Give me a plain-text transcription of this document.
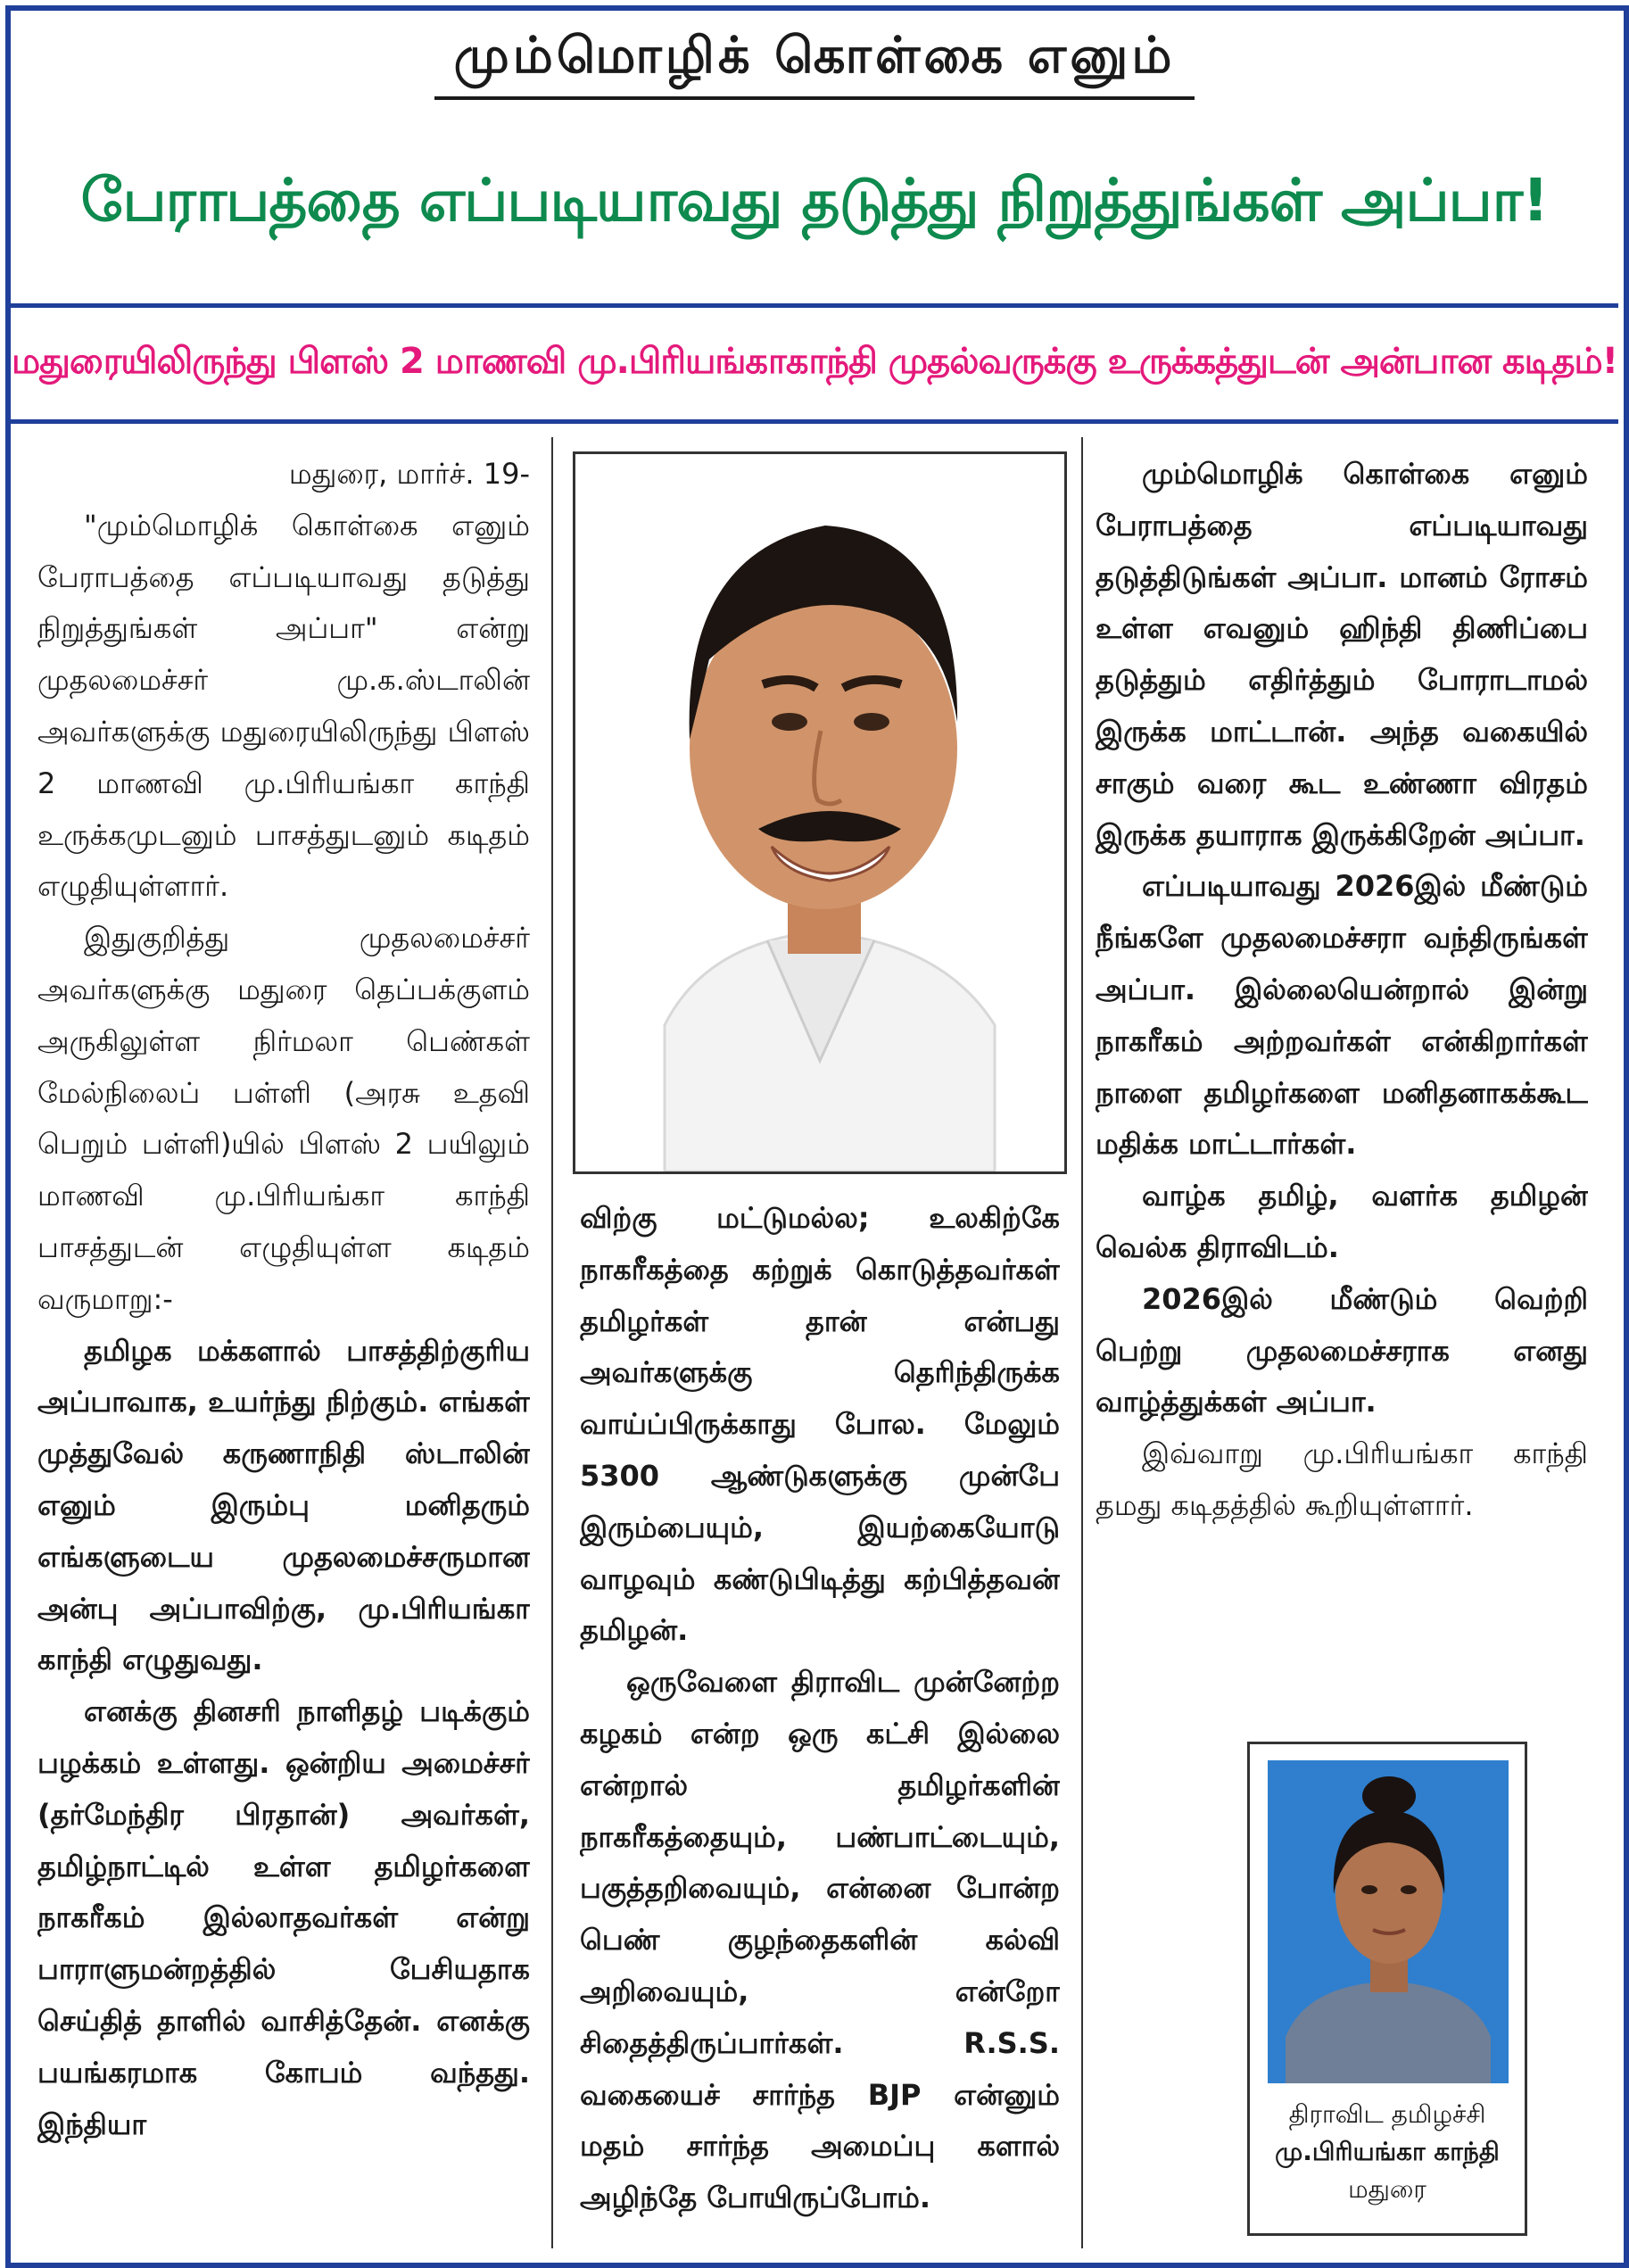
மும்மொழிக் கொள்கை எனும்
பேராபத்தை எப்படியாவது தடுத்து நிறுத்துங்கள் அப்பா!
மதுரையிலிருந்து பிளஸ் 2 மாணவி மு.பிரியங்காகாந்தி முதல்வருக்கு உருக்கத்துடன் அன்பான கடிதம்!

மதுரை, மார்ச். 19-

"மும்மொழிக் கொள்கை எனும் பேராபத்தை எப்படியாவது தடுத்து நிறுத்துங்கள் அப்பா" என்று முதலமைச்சர் மு.க.ஸ்டாலின் அவர்களுக்கு மதுரையிலிருந்து பிளஸ் 2 மாணவி மு.பிரியங்கா காந்தி உருக்கமுடனும் பாசத்துடனும் கடிதம் எழுதியுள்ளார்.

இதுகுறித்து முதலமைச்சர் அவர்களுக்கு மதுரை தெப்பக்குளம் அருகிலுள்ள நிர்மலா பெண்கள் மேல்நிலைப் பள்ளி (அரசு உதவி பெறும் பள்ளி)யில் பிளஸ் 2 பயிலும் மாணவி மு.பிரியங்கா காந்தி பாசத்துடன் எழுதியுள்ள கடிதம் வருமாறு:-

தமிழக மக்களால் பாசத்திற்குரிய அப்பாவாக, உயர்ந்து நிற்கும். எங்கள் முத்துவேல் கருணாநிதி ஸ்டாலின் எனும் இரும்பு மனிதரும் எங்களுடைய முதலமைச்சருமான அன்பு அப்பாவிற்கு, மு.பிரியங்கா காந்தி எழுதுவது.

எனக்கு தினசரி நாளிதழ் படிக்கும் பழக்கம் உள்ளது. ஒன்றிய அமைச்சர் (தர்மேந்திர பிரதான்) அவர்கள், தமிழ்நாட்டில் உள்ள தமிழர்களை நாகரீகம் இல்லாதவர்கள் என்று பாராளுமன்றத்தில் பேசியதாக செய்தித் தாளில் வாசித்தேன். எனக்கு பயங்கரமாக கோபம் வந்தது. இந்தியா

விற்கு மட்டுமல்ல; உலகிற்கே நாகரீகத்தை கற்றுக் கொடுத்தவர்கள் தமிழர்கள் தான் என்பது அவர்களுக்கு தெரிந்திருக்க வாய்ப்பிருக்காது போல. மேலும் 5300 ஆண்டுகளுக்கு முன்பே இரும்பையும், இயற்கையோடு வாழவும் கண்டுபிடித்து கற்பித்தவன் தமிழன்.

ஒருவேளை திராவிட முன்னேற்ற கழகம் என்ற ஒரு கட்சி இல்லை என்றால் தமிழர்களின் நாகரீகத்தையும், பண்பாட்டையும், பகுத்தறிவையும், என்னை போன்ற பெண் குழந்தைகளின் கல்வி அறிவையும், என்றோ சிதைத்திருப்பார்கள். R.S.S. வகையைச் சார்ந்த BJP என்னும் மதம் சார்ந்த அமைப்பு களால் அழிந்தே போயிருப்போம்.

மும்மொழிக் கொள்கை எனும் பேராபத்தை எப்படியாவது தடுத்திடுங்கள் அப்பா. மானம் ரோசம் உள்ள எவனும் ஹிந்தி திணிப்பை தடுத்தும் எதிர்த்தும் போராடாமல் இருக்க மாட்டான். அந்த வகையில் சாகும் வரை கூட உண்ணா விரதம் இருக்க தயாராக இருக்கிறேன் அப்பா.

எப்படியாவது 2026இல் மீண்டும் நீங்களே முதலமைச்சரா வந்திருங்கள் அப்பா. இல்லையென்றால் இன்று நாகரீகம் அற்றவர்கள் என்கிறார்கள் நாளை தமிழர்களை மனிதனாகக்கூட மதிக்க மாட்டார்கள்.

வாழ்க தமிழ், வளர்க தமிழன் வெல்க திராவிடம்.

2026இல் மீண்டும் வெற்றி பெற்று முதலமைச்சராக எனது வாழ்த்துக்கள் அப்பா.

இவ்வாறு மு.பிரியங்கா காந்தி தமது கடிதத்தில் கூறியுள்ளார்.

திராவிட தமிழச்சி
மு.பிரியங்கா காந்தி
மதுரை
